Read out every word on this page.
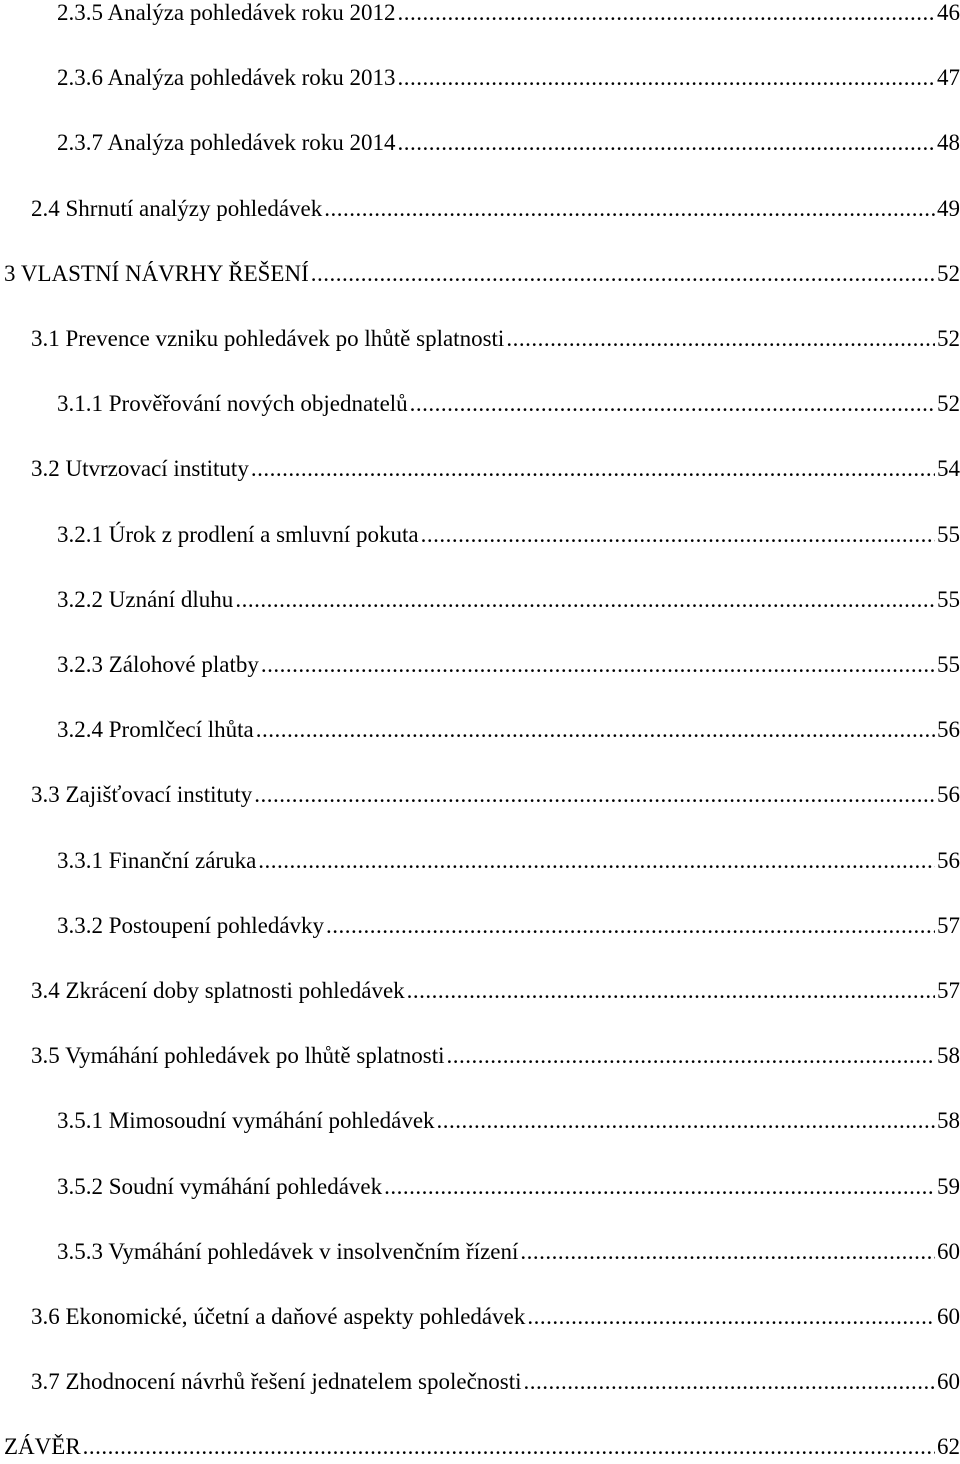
2.3.5 Analýza pohledávek roku 2012 .....	46
2.3.6 Analýza pohledávek roku 2013 .....	47
2.3.7 Analýza pohledávek roku 2014 .....	48
2.4 Shrnutí analýzy pohledávek .....	49
3 VLASTNÍ NÁVRHY ŘEŠENÍ .....	52
3.1 Prevence vzniku pohledávek po lhůtě splatnosti .....	52
3.1.1 Prověřování nových objednatelů .....	52
3.2 Utvrzovací instituty .....	54
3.2.1 Úrok z prodlení a smluvní pokuta .....	55
3.2.2 Uznání dluhu .....	55
3.2.3 Zálohové platby .....	55
3.2.4 Promlčecí lhůta .....	56
3.3 Zajišťovací instituty .....	56
3.3.1 Finanční záruka .....	56
3.3.2 Postoupení pohledávky .....	57
3.4 Zkrácení doby splatnosti pohledávek .....	57
3.5 Vymáhání pohledávek po lhůtě splatnosti .....	58
3.5.1 Mimosoudní vymáhání pohledávek .....	58
3.5.2 Soudní vymáhání pohledávek .....	59
3.5.3 Vymáhání pohledávek v insolvenčním řízení .....	60
3.6 Ekonomické, účetní a daňové aspekty pohledávek .....	60
3.7 Zhodnocení návrhů řešení jednatelem společnosti .....	60
ZÁVĚR .....	62
